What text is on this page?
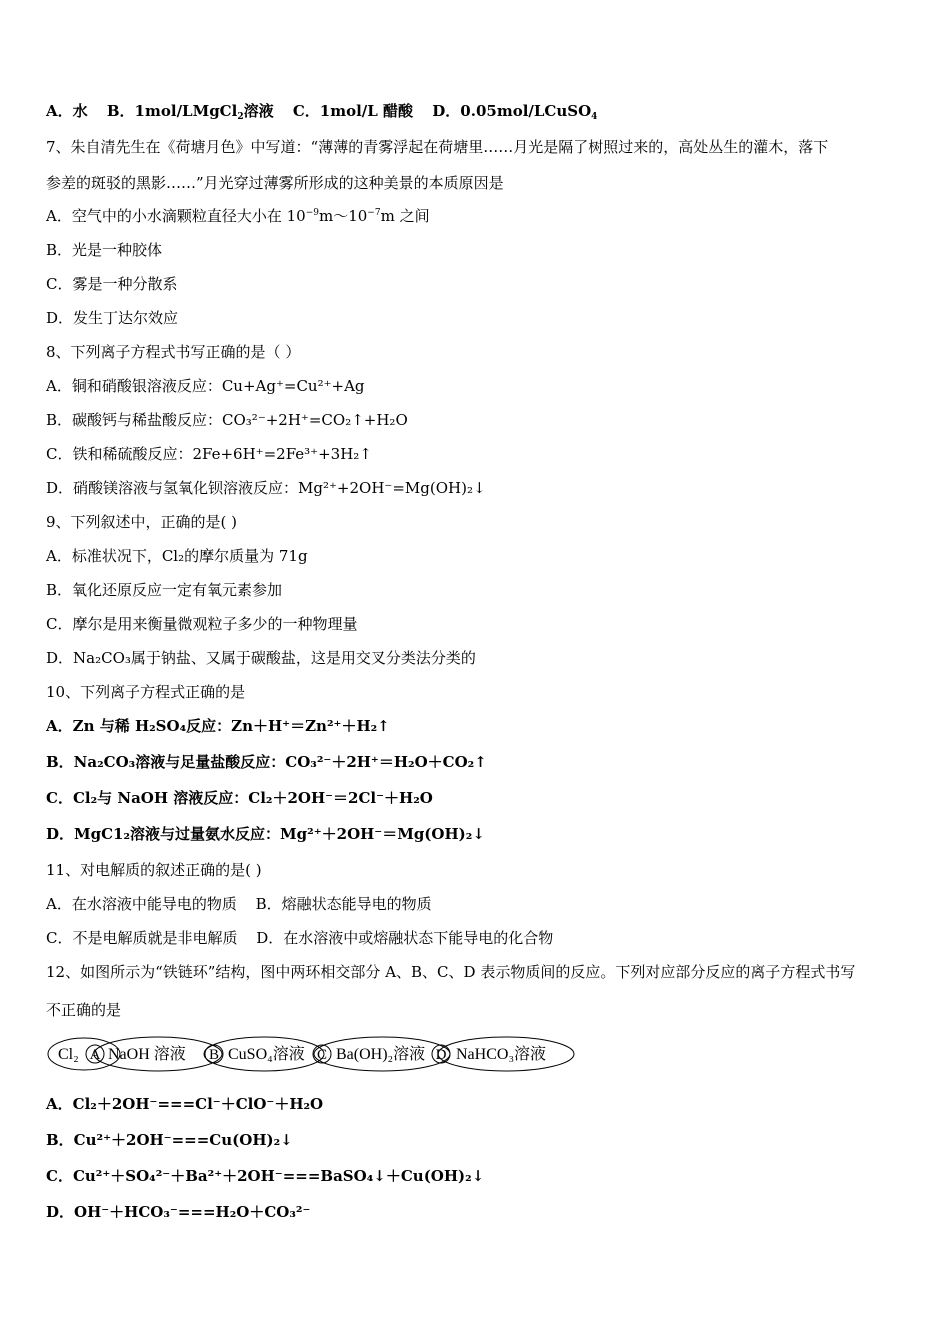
A．水 B．1mol/LMgCl$_2$溶液 C．1mol/L 醋酸 D．0.05mol/LCuSO$_4$
7、朱自清先生在《荷塘月色》中写道：“薄薄的青雾浮起在荷塘里……月光是隔了树照过来的，高处丛生的灌木，落下
参差的斑驳的黑影……”月光穿过薄雾所形成的这种美景的本质原因是
A．空气中的小水滴颗粒直径大小在 $10^{-9}m\sim 10^{-7}m$ 之间
B．光是一种胶体
C．雾是一种分散系
D．发生丁达尔效应
8、下列离子方程式书写正确的是（ ）
A．铜和硝酸银溶液反应：Cu+Ag⁺=Cu²⁺+Ag
B．碳酸钙与稀盐酸反应：CO₃²⁻+2H⁺=CO₂↑+H₂O
C．铁和稀硫酸反应：2Fe+6H⁺=2Fe³⁺+3H₂↑
D．硝酸镁溶液与氢氧化钡溶液反应：Mg²⁺+2OH⁻=Mg(OH)₂↓
9、下列叙述中，正确的是( )
A．标准状况下，Cl₂的摩尔质量为 71g
B．氧化还原反应一定有氧元素参加
C．摩尔是用来衡量微观粒子多少的一种物理量
D．Na₂CO₃属于钠盐、又属于碳酸盐，这是用交叉分类法分类的
10、下列离子方程式正确的是
A．Zn 与稀 H₂SO₄反应：Zn＋H⁺＝Zn²⁺＋H₂↑
B．Na₂CO₃溶液与足量盐酸反应：CO₃²⁻＋2H⁺＝H₂O＋CO₂↑
C．Cl₂与 NaOH 溶液反应：Cl₂＋2OH⁻＝2Cl⁻＋H₂O
D．MgC1₂溶液与过量氨水反应：Mg²⁺＋2OH⁻＝Mg(OH)₂↓
11、对电解质的叙述正确的是( )
A．在水溶液中能导电的物质 B．熔融状态能导电的物质
C．不是电解质就是非电解质 D．在水溶液中或熔融状态下能导电的化合物
12、如图所示为“铁链环”结构，图中两环相交部分 A、B、C、D 表示物质间的反应。下列对应部分反应的离子方程式书写
不正确的是
Cl₂ NaOH 溶液	CuSO₄溶液 Ba(OH)₂溶液 NaHCO₃溶液
A	B	C	D
A．Cl₂＋2OH⁻===Cl⁻＋ClO⁻＋H₂O
B．Cu²⁺＋2OH⁻===Cu(OH)₂↓
C．Cu²⁺＋SO₄²⁻＋Ba²⁺＋2OH⁻===BaSO₄↓＋Cu(OH)₂↓
D．OH⁻＋HCO₃⁻===H₂O＋CO₃²⁻
